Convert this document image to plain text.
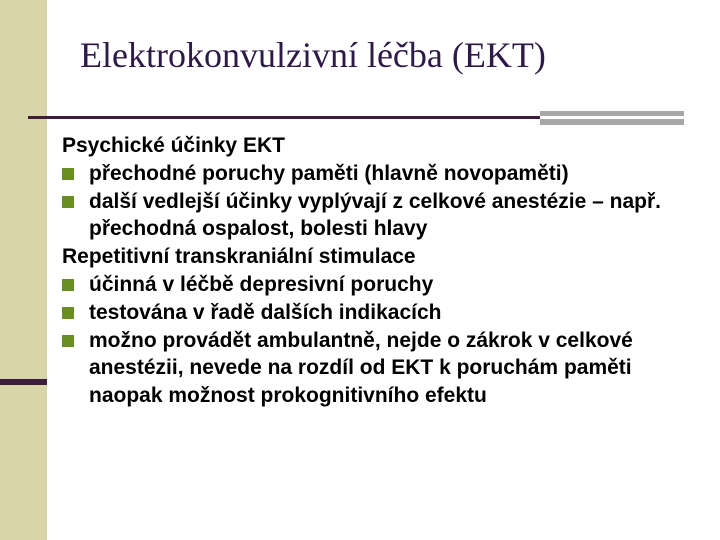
Elektrokonvulzivní léčba (EKT)

Psychické účinky EKT

přechodné poruchy paměti (hlavně novopaměti)

další vedlejší účinky vyplývají z celkové anestézie – např. přechodná ospalost, bolesti hlavy

Repetitivní transkraniální stimulace

účinná v léčbě depresivní poruchy

testována v řadě dalších indikacích

možno provádět ambulantně, nejde o zákrok v celkové anestézii, nevede na rozdíl od EKT k poruchám paměti naopak možnost prokognitivního efektu
